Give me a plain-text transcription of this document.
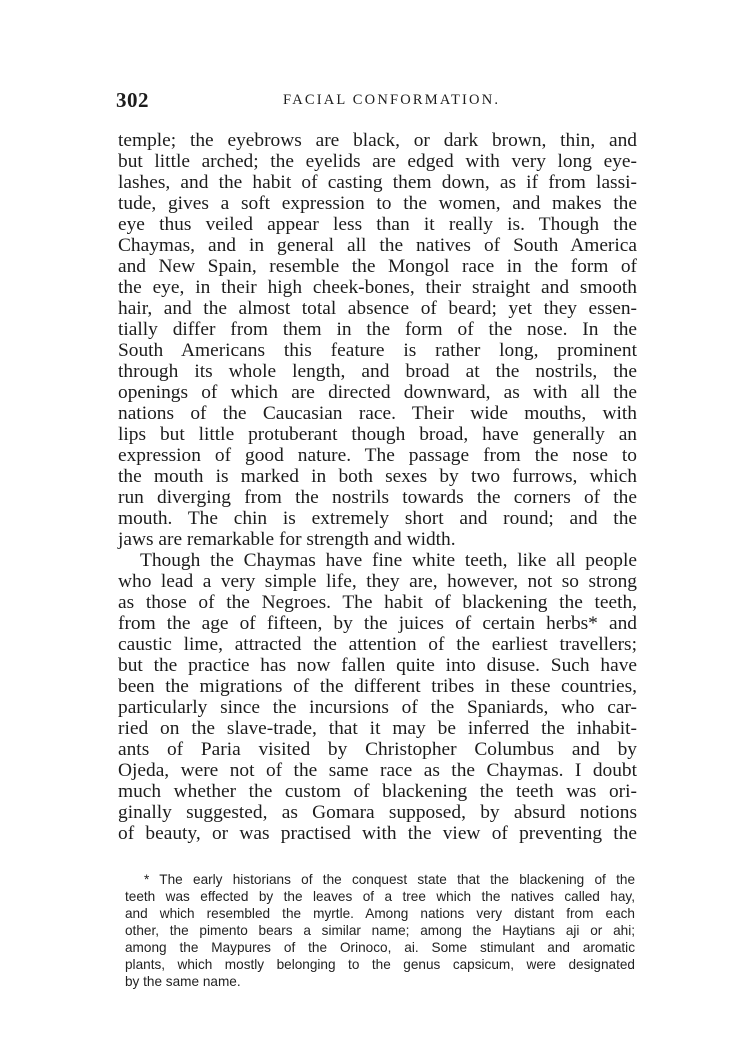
302	FACIAL CONFORMATION.
temple; the eyebrows are black, or dark brown, thin, and
but little arched; the eyelids are edged with very long eye-
lashes, and the habit of casting them down, as if from lassi-
tude, gives a soft expression to the women, and makes the
eye thus veiled appear less than it really is. Though the
Chaymas, and in general all the natives of South America
and New Spain, resemble the Mongol race in the form of
the eye, in their high cheek-bones, their straight and smooth
hair, and the almost total absence of beard; yet they essen-
tially differ from them in the form of the nose. In the
South Americans this feature is rather long, prominent
through its whole length, and broad at the nostrils, the
openings of which are directed downward, as with all the
nations of the Caucasian race. Their wide mouths, with
lips but little protuberant though broad, have generally an
expression of good nature. The passage from the nose to
the mouth is marked in both sexes by two furrows, which
run diverging from the nostrils towards the corners of the
mouth. The chin is extremely short and round; and the
jaws are remarkable for strength and width.
Though the Chaymas have fine white teeth, like all people
who lead a very simple life, they are, however, not so strong
as those of the Negroes. The habit of blackening the teeth,
from the age of fifteen, by the juices of certain herbs* and
caustic lime, attracted the attention of the earliest travellers;
but the practice has now fallen quite into disuse. Such have
been the migrations of the different tribes in these countries,
particularly since the incursions of the Spaniards, who car-
ried on the slave-trade, that it may be inferred the inhabit-
ants of Paria visited by Christopher Columbus and by
Ojeda, were not of the same race as the Chaymas. I doubt
much whether the custom of blackening the teeth was ori-
ginally suggested, as Gomara supposed, by absurd notions
of beauty, or was practised with the view of preventing the
* The early historians of the conquest state that the blackening of the
teeth was effected by the leaves of a tree which the natives called hay,
and which resembled the myrtle. Among nations very distant from each
other, the pimento bears a similar name; among the Haytians aji or ahi;
among the Maypures of the Orinoco, ai. Some stimulant and aromatic
plants, which mostly belonging to the genus capsicum, were designated
by the same name.
